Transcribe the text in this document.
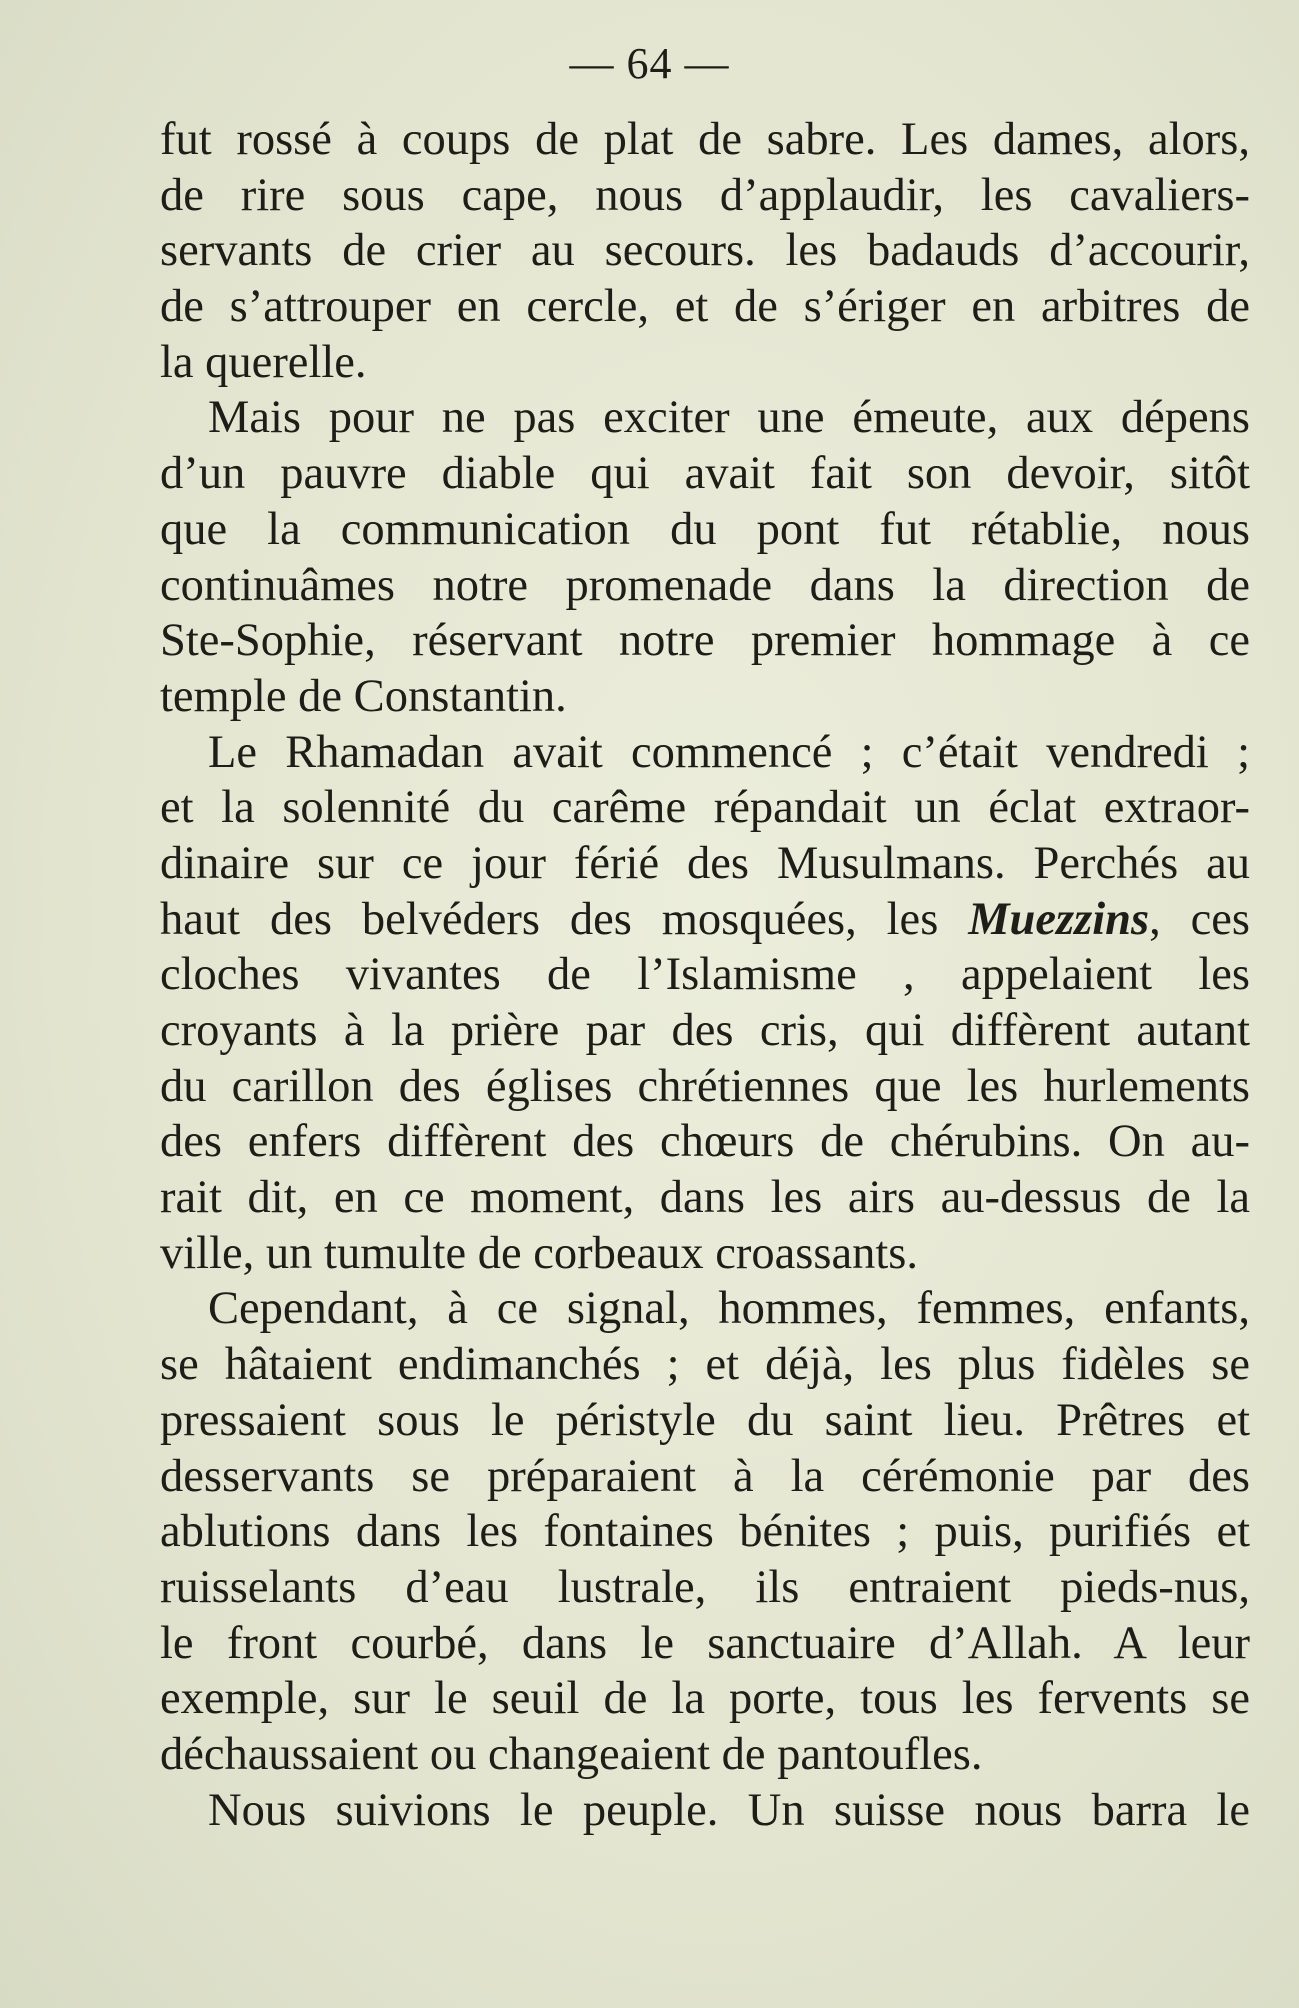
— 64 —
fut rossé à coups de plat de sabre. Les dames, alors,
de rire sous cape, nous d’applaudir, les cavaliers-
servants de crier au secours. les badauds d’accourir,
de s’attrouper en cercle, et de s’ériger en arbitres de
la querelle.
Mais pour ne pas exciter une émeute, aux dépens
d’un pauvre diable qui avait fait son devoir, sitôt
que la communication du pont fut rétablie, nous
continuâmes notre promenade dans la direction de
Ste-Sophie, réservant notre premier hommage à ce
temple de Constantin.
Le Rhamadan avait commencé ; c’était vendredi ;
et la solennité du carême répandait un éclat extraor-
dinaire sur ce jour férié des Musulmans. Perchés au
haut des belvéders des mosquées, les Muezzins, ces
cloches vivantes de l’Islamisme , appelaient les
croyants à la prière par des cris, qui diffèrent autant
du carillon des églises chrétiennes que les hurlements
des enfers diffèrent des chœurs de chérubins. On au-
rait dit, en ce moment, dans les airs au-dessus de la
ville, un tumulte de corbeaux croassants.
Cependant, à ce signal, hommes, femmes, enfants,
se hâtaient endimanchés ; et déjà, les plus fidèles se
pressaient sous le péristyle du saint lieu. Prêtres et
desservants se préparaient à la cérémonie par des
ablutions dans les fontaines bénites ; puis, purifiés et
ruisselants d’eau lustrale, ils entraient pieds-nus,
le front courbé, dans le sanctuaire d’Allah. A leur
exemple, sur le seuil de la porte, tous les fervents se
déchaussaient ou changeaient de pantoufles.
Nous suivions le peuple. Un suisse nous barra le
